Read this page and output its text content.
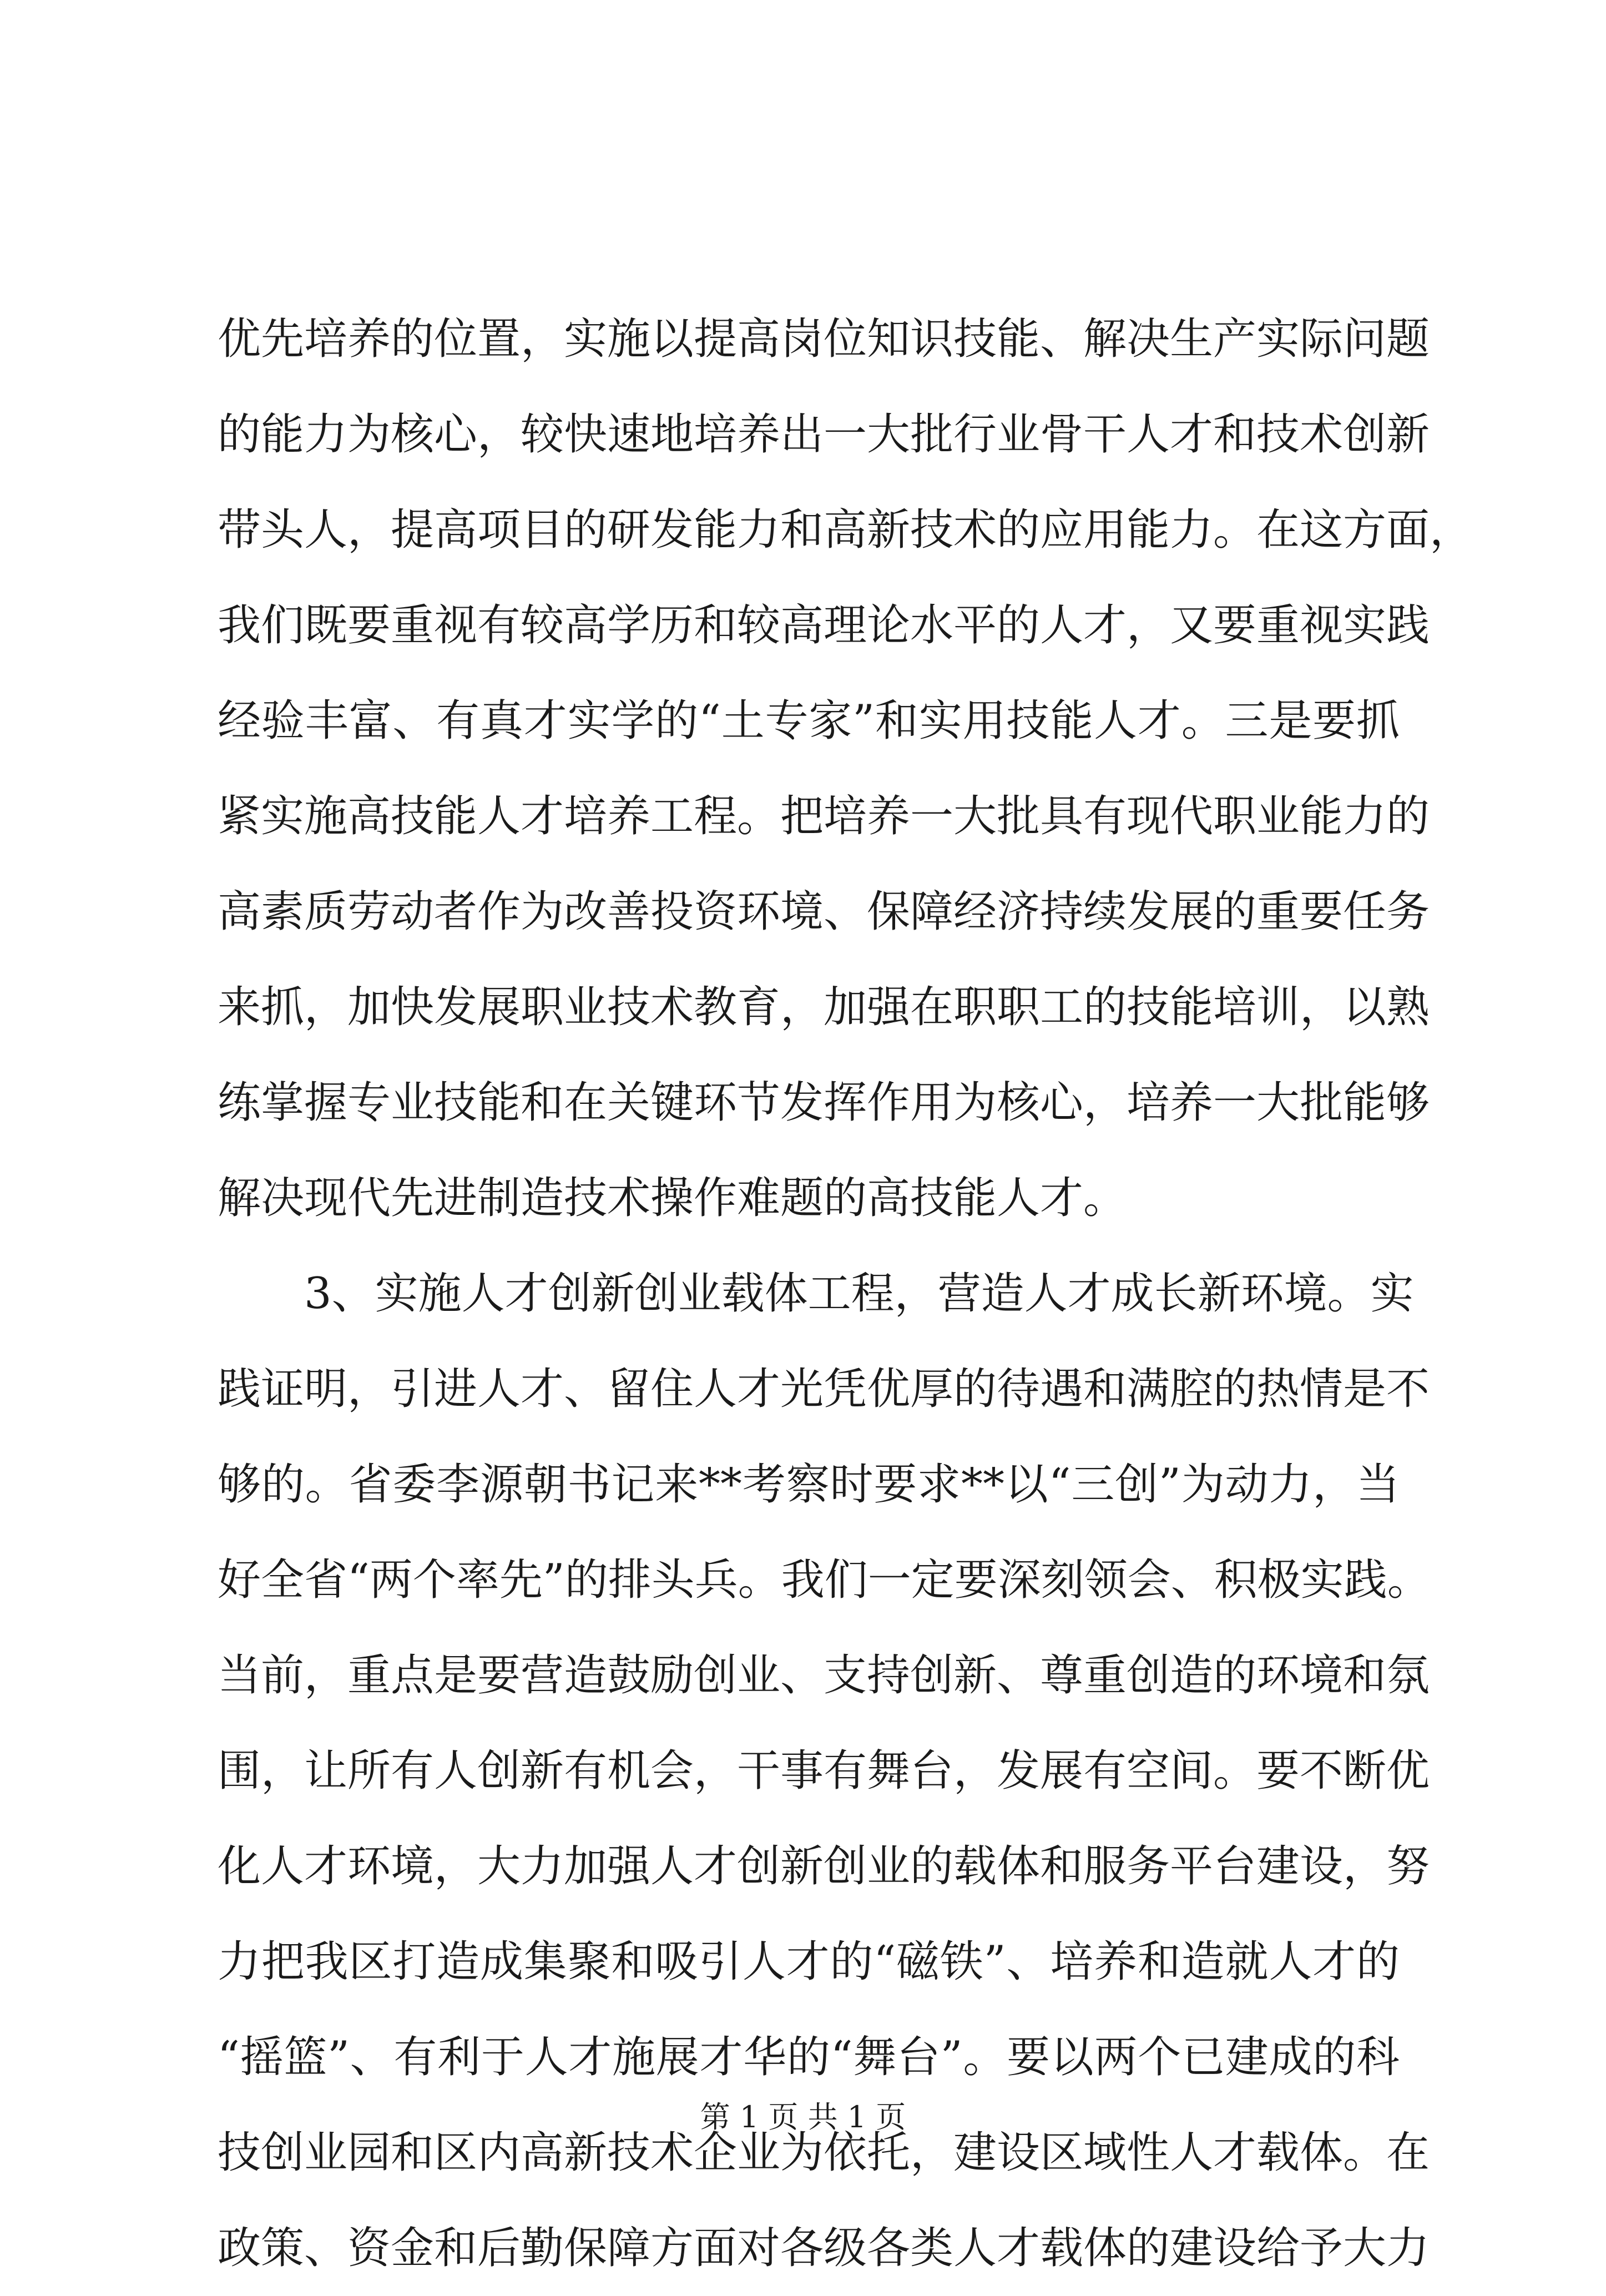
优先培养的位置，实施以提高岗位知识技能、解决生产实际问题
的能力为核心，较快速地培养出一大批行业骨干人才和技术创新
带头人，提高项目的研发能力和高新技术的应用能力。在这方面，
我们既要重视有较高学历和较高理论水平的人才，又要重视实践
经验丰富、有真才实学的“土专家”和实用技能人才。三是要抓
紧实施高技能人才培养工程。把培养一大批具有现代职业能力的
高素质劳动者作为改善投资环境、保障经济持续发展的重要任务
来抓，加快发展职业技术教育，加强在职职工的技能培训，以熟
练掌握专业技能和在关键环节发挥作用为核心，培养一大批能够
解决现代先进制造技术操作难题的高技能人才。
　　3、实施人才创新创业载体工程，营造人才成长新环境。实
践证明，引进人才、留住人才光凭优厚的待遇和满腔的热情是不
够的。省委李源朝书记来**考察时要求**以“三创”为动力，当
好全省“两个率先”的排头兵。我们一定要深刻领会、积极实践。
当前，重点是要营造鼓励创业、支持创新、尊重创造的环境和氛
围，让所有人创新有机会，干事有舞台，发展有空间。要不断优
化人才环境，大力加强人才创新创业的载体和服务平台建设，努
力把我区打造成集聚和吸引人才的“磁铁”、培养和造就人才的
“摇篮”、有利于人才施展才华的“舞台”。要以两个已建成的科
技创业园和区内高新技术企业为依托，建设区域性人才载体。在
政策、资金和后勤保障方面对各级各类人才载体的建设给予大力
第 1 页 共 1 页
